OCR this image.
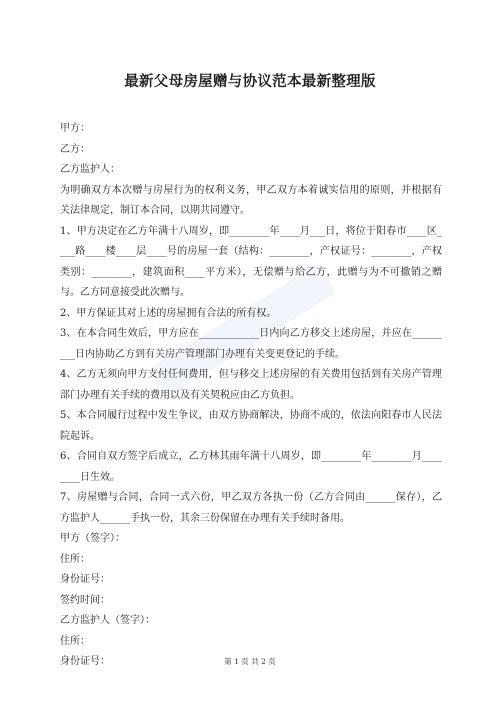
最新父母房屋赠与协议范本最新整理版
甲方：
乙方：
乙方监护人：
为明确双方本次赠与房屋行为的权利义务，甲乙双方本着诚实信用的原则，并根据有
关法律规定，制订本合同，以期共同遵守。
1、甲方决定在乙方年满十八周岁，即________年____月___日，将位于阳春市____区_
___路____楼____层____号的房屋一套（结构：________，产权证号：________，产权
类别：________，建筑面积____平方米），无偿赠与给乙方，此赠与为不可撤销之赠
与。乙方同意接受此次赠与。
2、甲方保证其对上述的房屋拥有合法的所有权。
3、在本合同生效后，甲方应在____________日内向乙方移交上述房屋，并应在______
___日内协助乙方到有关房产管理部门办理有关变更登记的手续。
4、乙方无须向甲方支付任何费用，但与移交上述房屋的有关费用包括到有关房产管理
部门办理有关手续的费用以及有关契税应由乙方负担。
5、本合同履行过程中发生争议，由双方协商解决，协商不成的，依法向阳春市人民法
院起诉。
6、合同自双方签字后成立，乙方林其雨年满十八周岁，即________年________月____
____日生效。
7、房屋赠与合同，合同一式六份，甲乙双方各执一份（乙方合同由______保存），乙
方监护人______手执一份，其余三份保留在办理有关手续时备用。
甲方（签字）：
住所：
身份证号：
签约时间：
乙方监护人（签字）：
住所：
身份证号：	第 1 页 共 2 页
